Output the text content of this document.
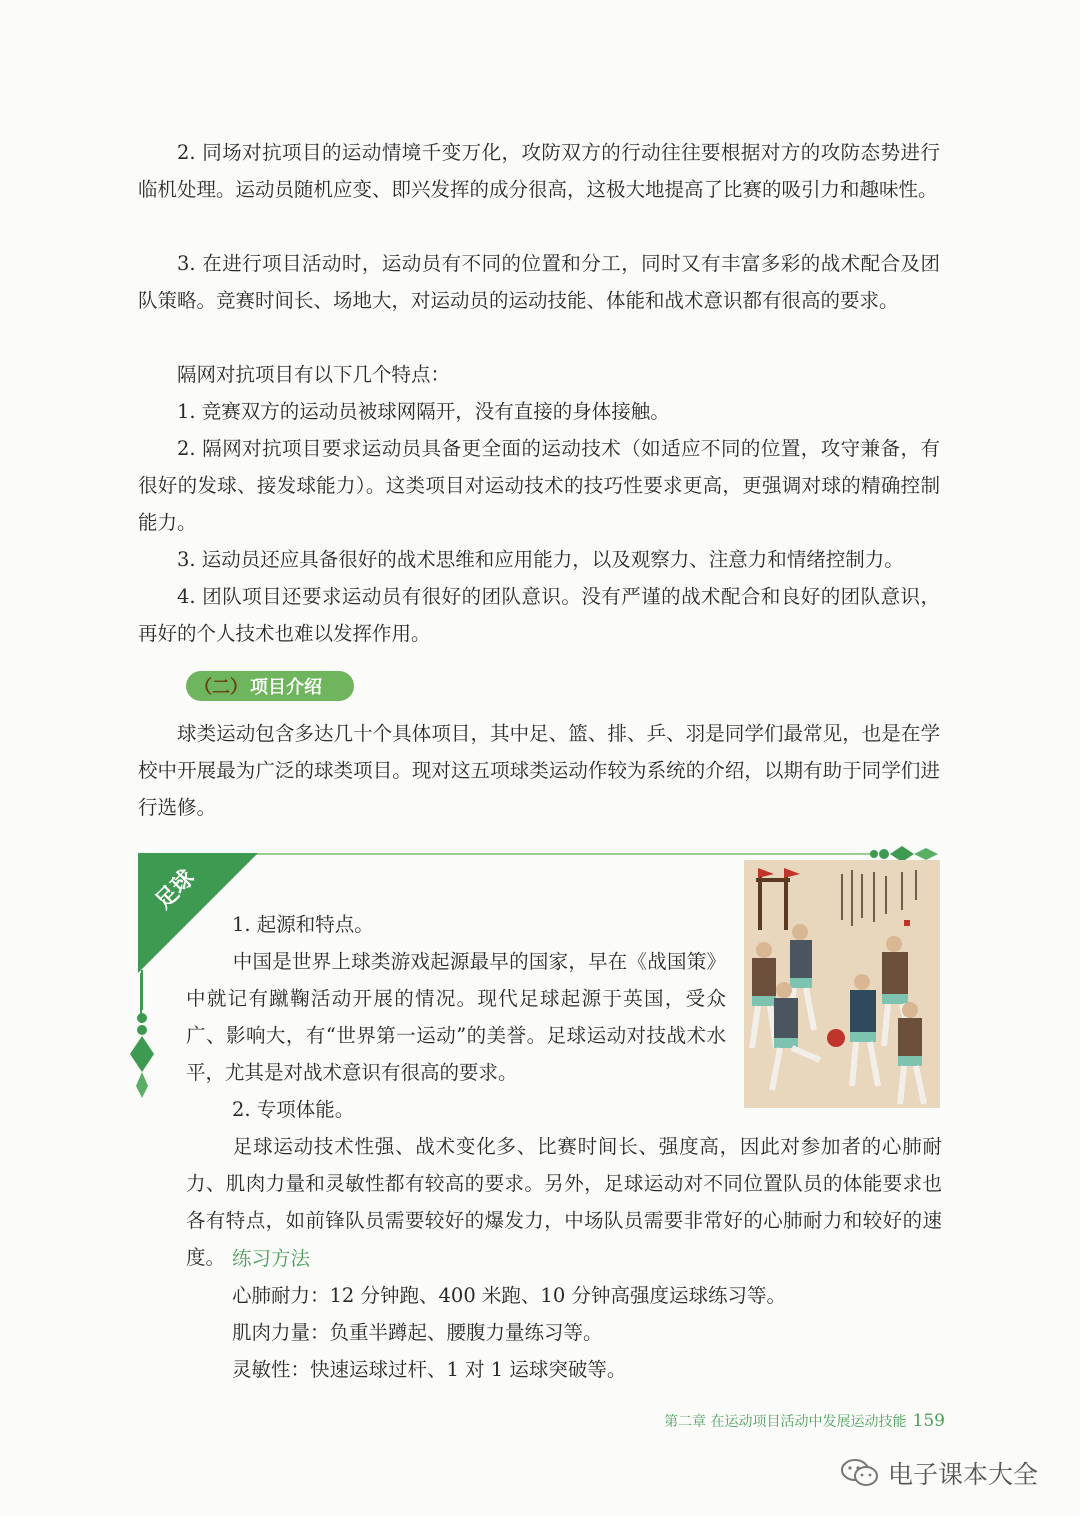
2. 同场对抗项目的运动情境千变万化，攻防双方的行动往往要根据对方的攻防态势进行临机处理。运动员随机应变、即兴发挥的成分很高，这极大地提高了比赛的吸引力和趣味性。

3. 在进行项目活动时，运动员有不同的位置和分工，同时又有丰富多彩的战术配合及团队策略。竞赛时间长、场地大，对运动员的运动技能、体能和战术意识都有很高的要求。

隔网对抗项目有以下几个特点：

1. 竞赛双方的运动员被球网隔开，没有直接的身体接触。

2. 隔网对抗项目要求运动员具备更全面的运动技术（如适应不同的位置，攻守兼备，有很好的发球、接发球能力）。这类项目对运动技术的技巧性要求更高，更强调对球的精确控制能力。

3. 运动员还应具备很好的战术思维和应用能力，以及观察力、注意力和情绪控制力。

4. 团队项目还要求运动员有很好的团队意识。没有严谨的战术配合和良好的团队意识，再好的个人技术也难以发挥作用。

（二） 项目介绍

球类运动包含多达几十个具体项目，其中足、篮、排、乒、羽是同学们最常见，也是在学校中开展最为广泛的球类项目。现对这五项球类运动作较为系统的介绍，以期有助于同学们进行选修。

足球

1. 起源和特点。

中国是世界上球类游戏起源最早的国家，早在《战国策》中就记有蹴鞠活动开展的情况。现代足球起源于英国，受众广、影响大，有“世界第一运动”的美誉。足球运动对技战术水平，尤其是对战术意识有很高的要求。

2. 专项体能。

足球运动技术性强、战术变化多、比赛时间长、强度高，因此对参加者的心肺耐力、肌肉力量和灵敏性都有较高的要求。另外，足球运动对不同位置队员的体能要求也各有特点，如前锋队员需要较好的爆发力，中场队员需要非常好的心肺耐力和较好的速度。 练习方法

心肺耐力：12 分钟跑、400 米跑、10 分钟高强度运球练习等。

肌肉力量：负重半蹲起、腰腹力量练习等。

灵敏性：快速运球过杆、1 对 1 运球突破等。

第二章 在运动项目活动中发展运动技能 159
电子课本大全
